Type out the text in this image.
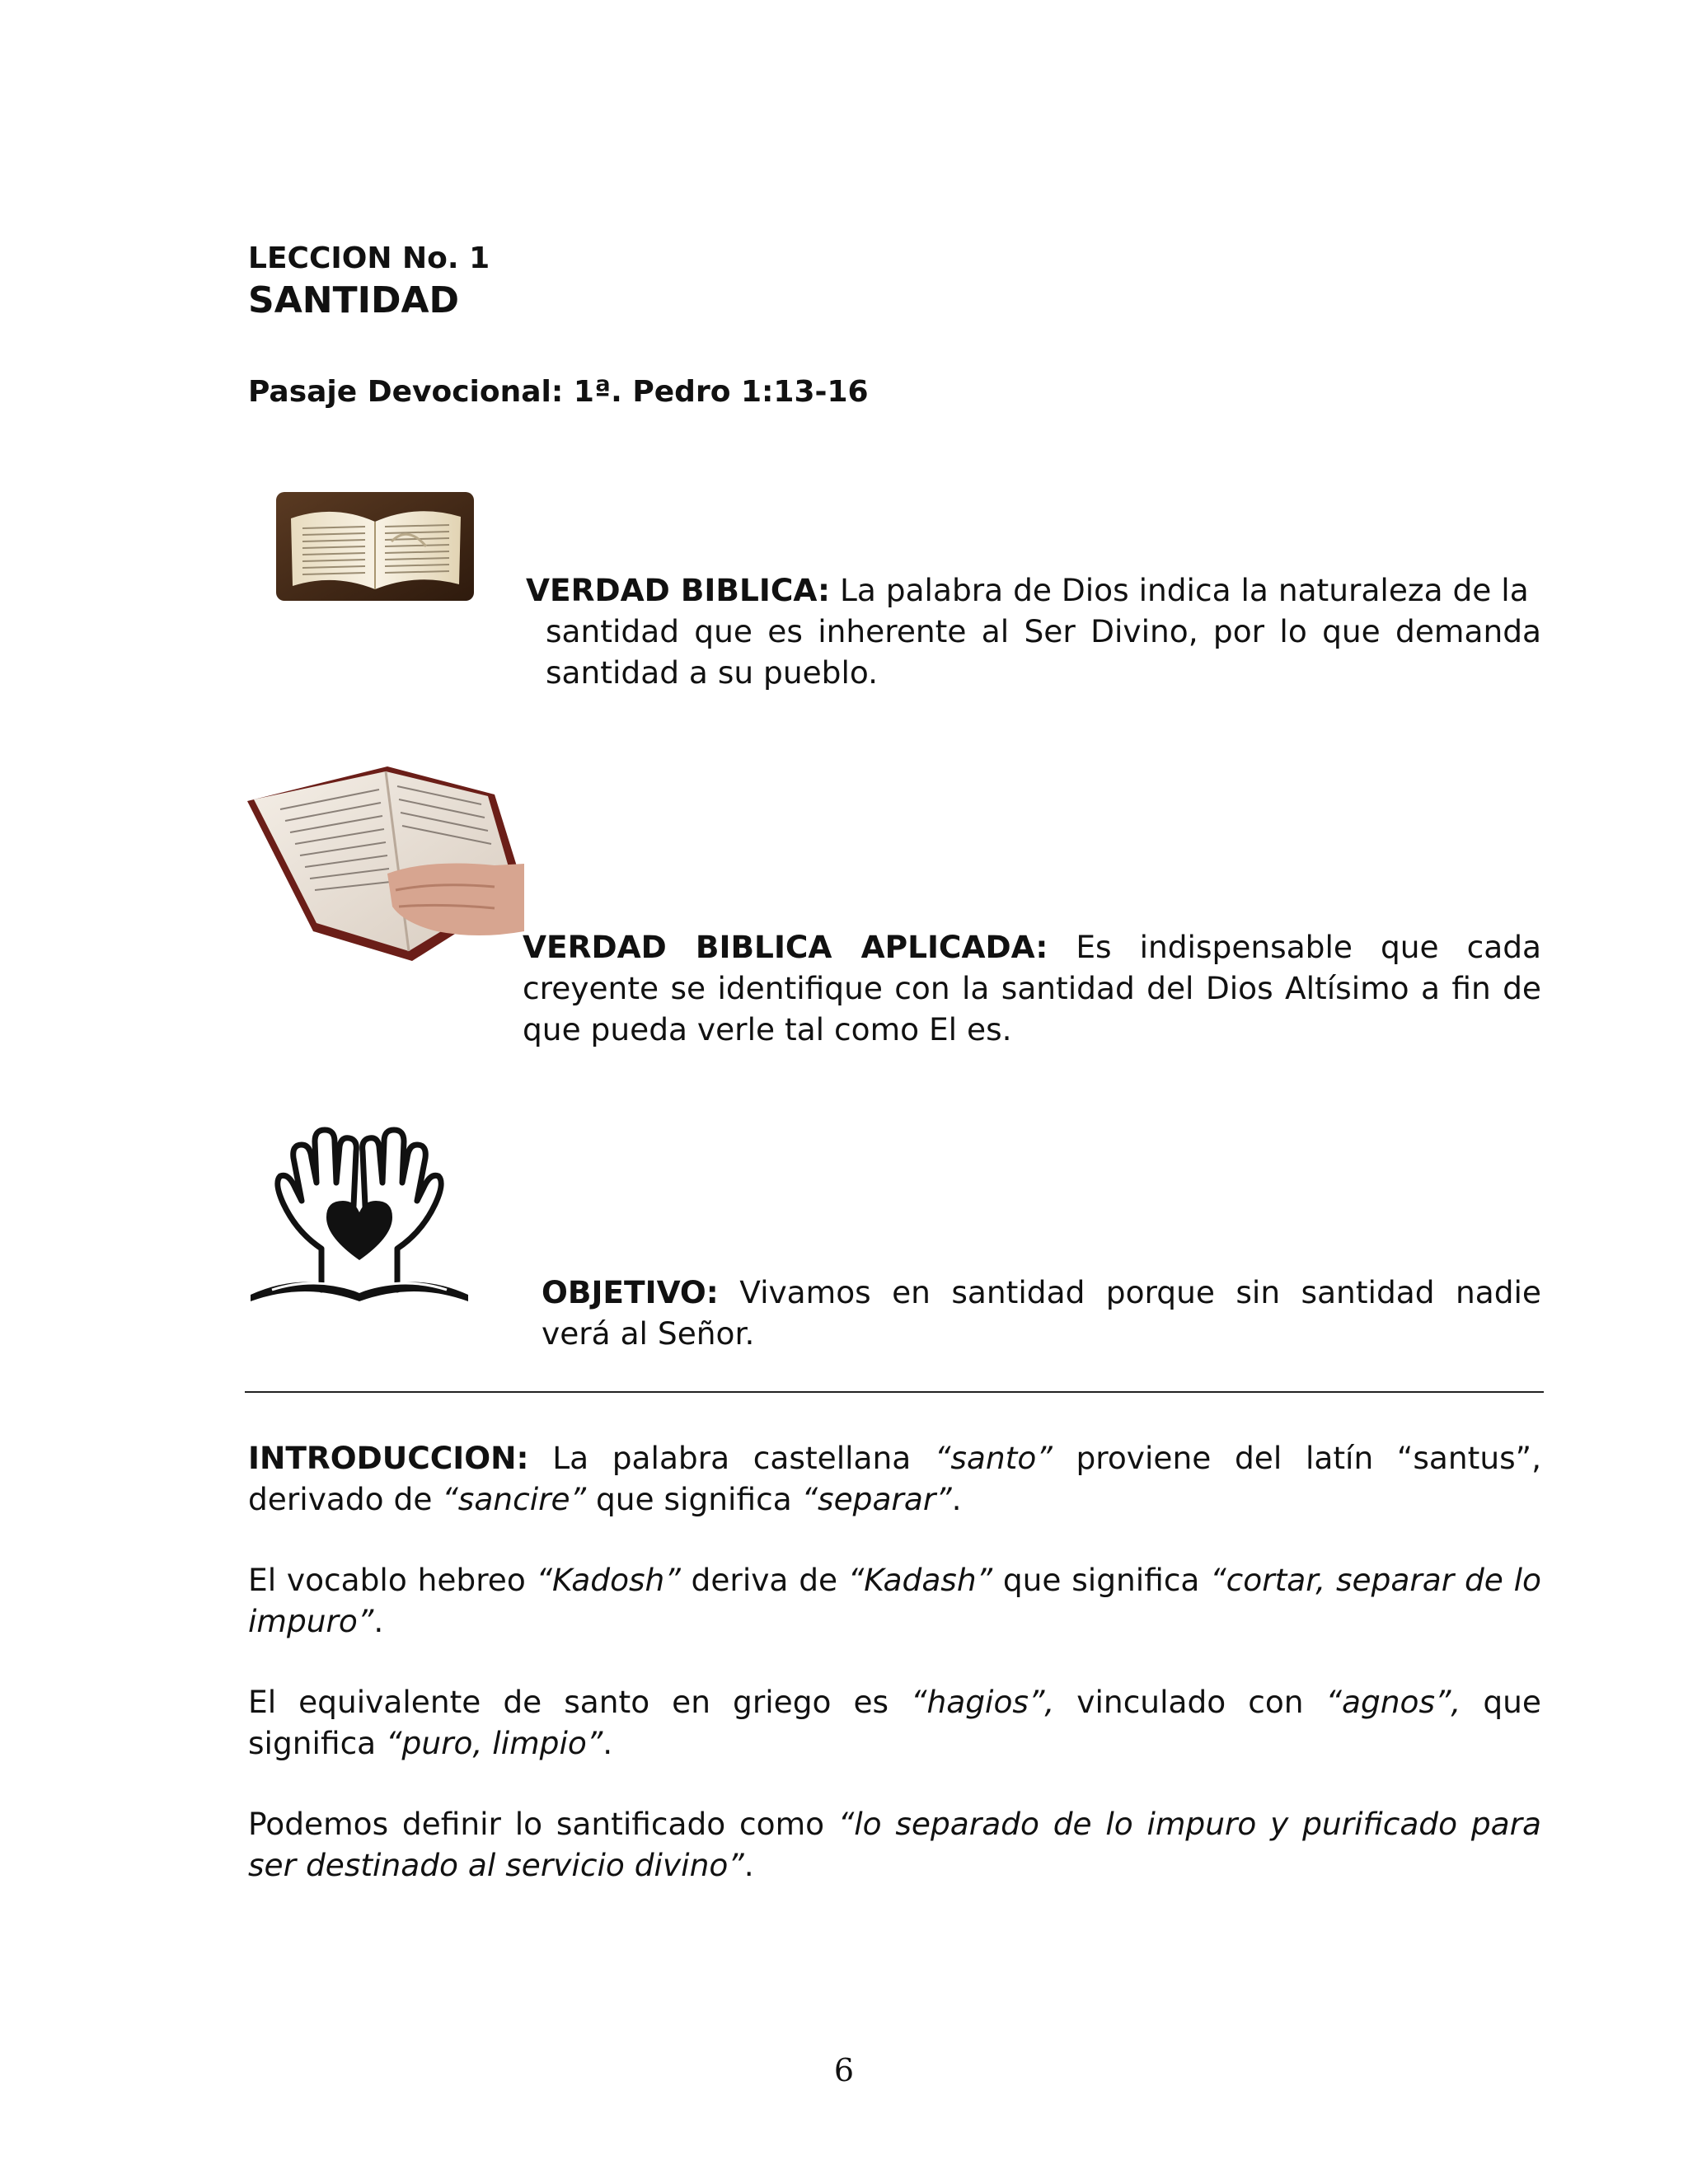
LECCION No. 1
SANTIDAD
Pasaje Devocional: 1ª. Pedro 1:13-16
VERDAD BIBLICA: La palabra de Dios indica la naturaleza de la
santidad que es inherente al Ser Divino, por lo que demanda santidad a su pueblo.
VERDAD BIBLICA APLICADA: Es indispensable que cada creyente se identifique con la santidad del Dios Altísimo a fin de que pueda verle tal como El es.
OBJETIVO: Vivamos en santidad porque sin santidad nadie verá al Señor.
INTRODUCCION: La palabra castellana “santo” proviene del latín “santus”, derivado de “sancire” que significa “separar”.
El vocablo hebreo “Kadosh” deriva de “Kadash” que significa “cortar, separar de lo impuro”.
El equivalente de santo en griego es “hagios”, vinculado con “agnos”, que significa “puro, limpio”.
Podemos definir lo santificado como “lo separado de lo impuro y purificado para ser destinado al servicio divino”.
6
